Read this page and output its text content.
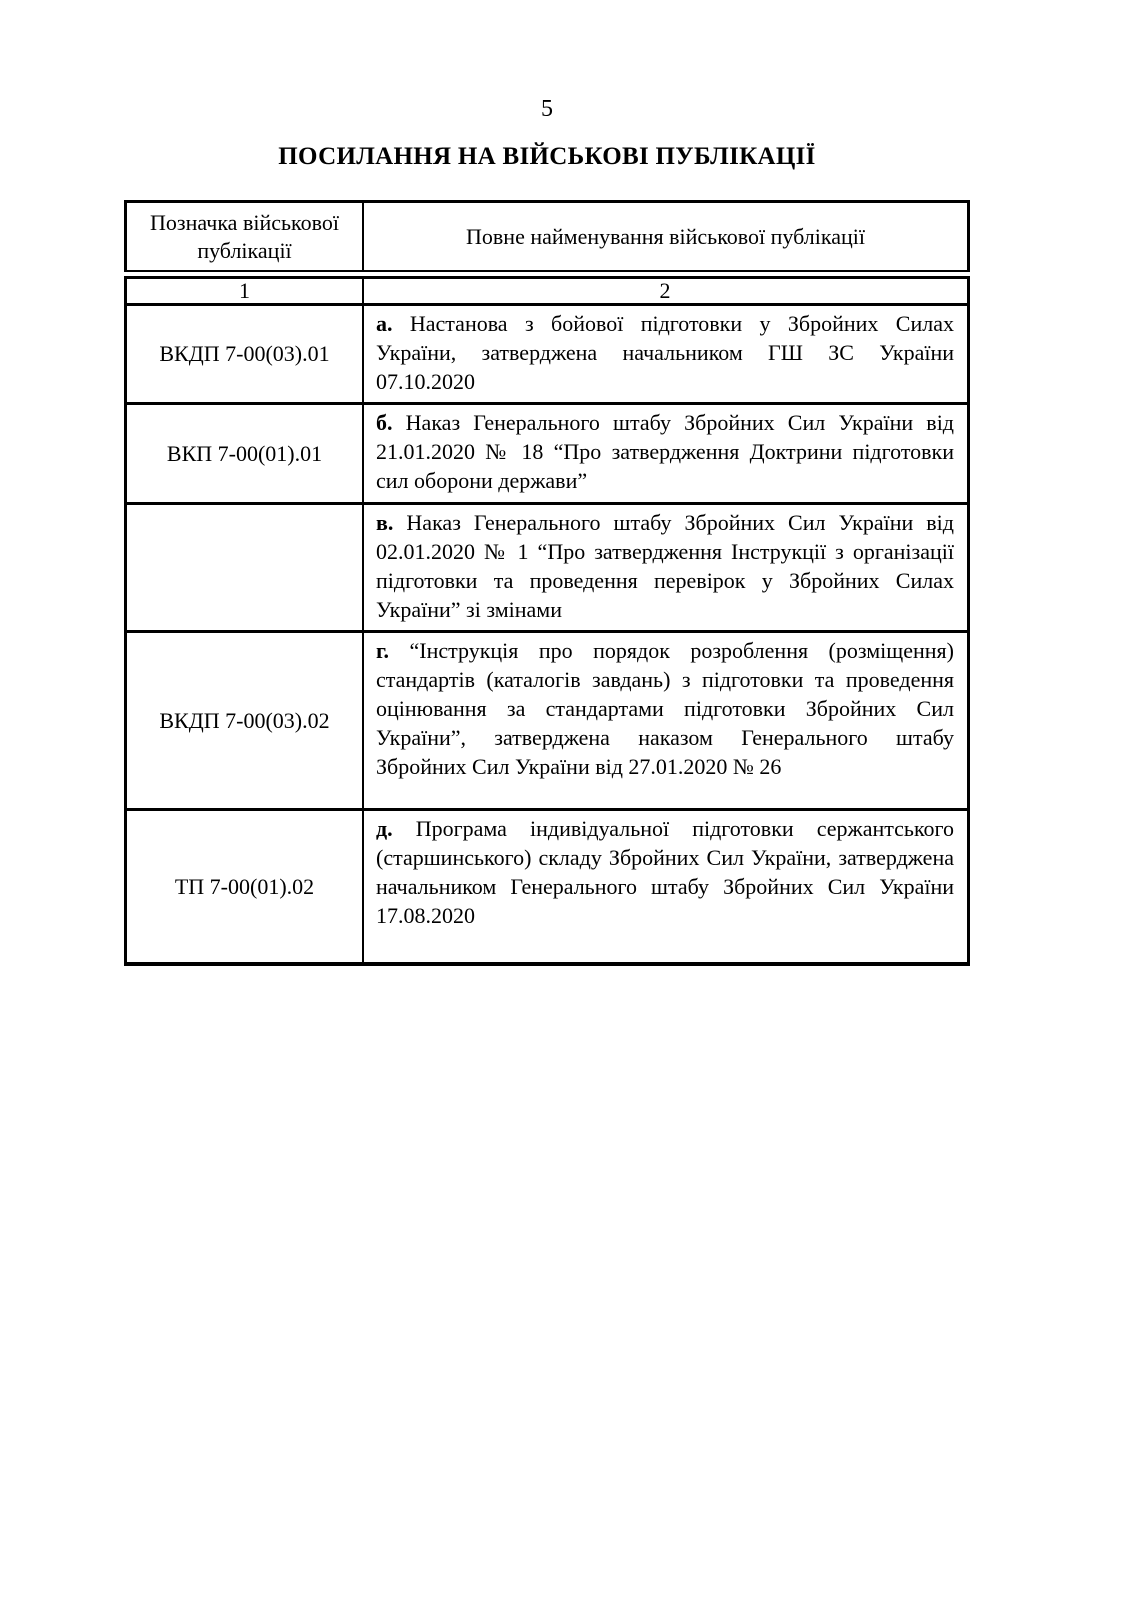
5
ПОСИЛАННЯ НА ВІЙСЬКОВІ ПУБЛІКАЦІЇ
Позначка військової публікації
Повне найменування військової публікації
1	2
ВКДП 7-00(03).01
а. Настанова з бойової підготовки у Збройних Силах України, затверджена начальником ГШ ЗС України 07.10.2020
ВКП 7-00(01).01
б. Наказ Генерального штабу Збройних Сил України від 21.01.2020 № 18 “Про затвердження Доктрини підготовки сил оборони держави”
в. Наказ Генерального штабу Збройних Сил України від 02.01.2020 № 1 “Про затвердження Інструкції з організації підготовки та проведення перевірок у Збройних Силах України” зі змінами
ВКДП 7-00(03).02
г. “Інструкція про порядок розроблення (розміщення) стандартів (каталогів завдань) з підготовки та проведення оцінювання за стандартами підготовки Збройних Сил України”, затверджена наказом Генерального штабу Збройних Сил України від 27.01.2020 № 26
ТП 7-00(01).02
д. Програма індивідуальної підготовки сержантського (старшинського) складу Збройних Сил України, затверджена начальником Генерального штабу Збройних Сил України 17.08.2020
